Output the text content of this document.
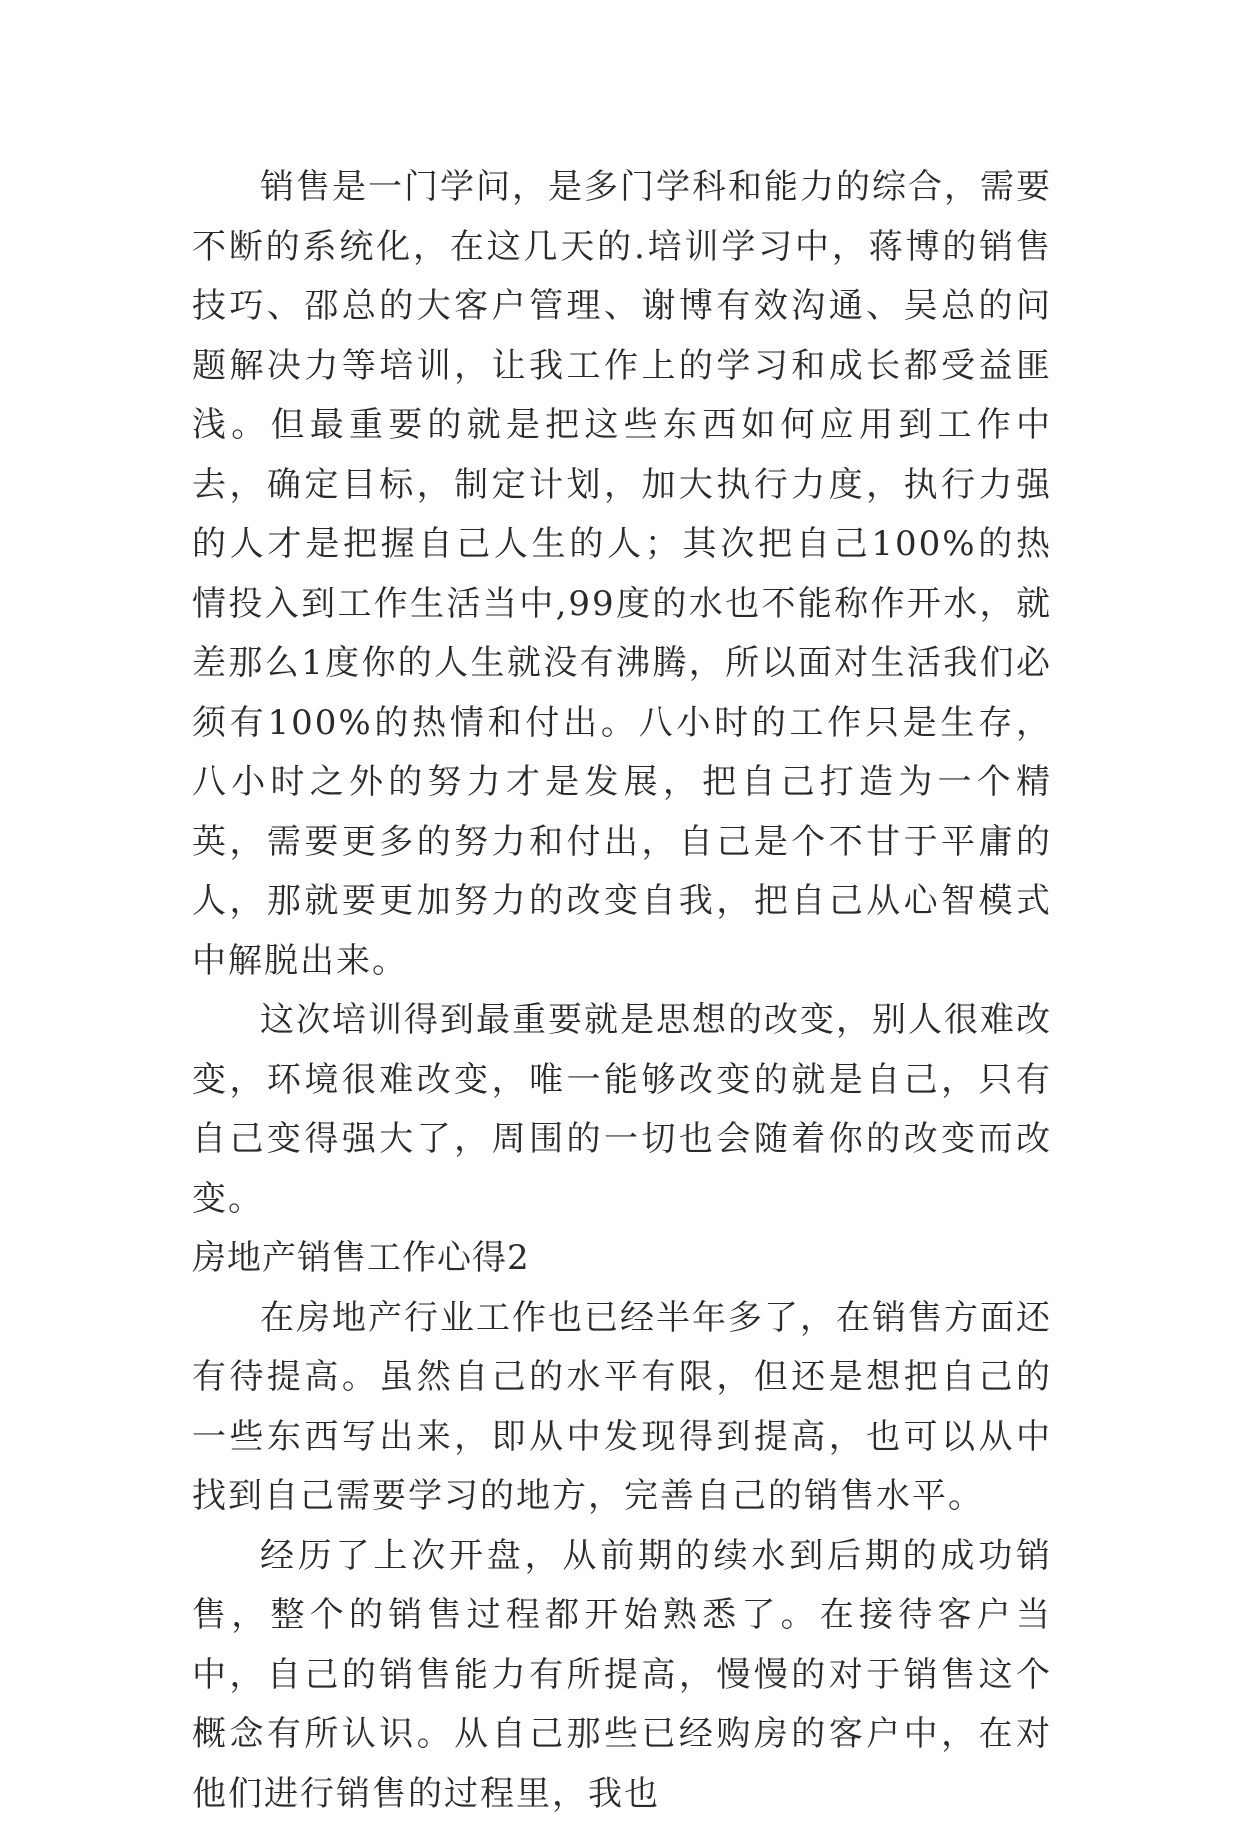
销售是一门学问，是多门学科和能力的综合，需要不断的系统化，在这几天的.培训学习中，蒋博的销售技巧、邵总的大客户管理、谢博有效沟通、吴总的问题解决力等培训，让我工作上的学习和成长都受益匪浅。但最重要的就是把这些东西如何应用到工作中去，确定目标，制定计划，加大执行力度，执行力强的人才是把握自己人生的人；其次把自己100%的热情投入到工作生活当中,99度的水也不能称作开水，就差那么1度你的人生就没有沸腾，所以面对生活我们必须有100%的热情和付出。八小时的工作只是生存，八小时之外的努力才是发展，把自己打造为一个精英，需要更多的努力和付出，自己是个不甘于平庸的人，那就要更加努力的改变自我，把自己从心智模式中解脱出来。

这次培训得到最重要就是思想的改变，别人很难改变，环境很难改变，唯一能够改变的就是自己，只有自己变得强大了，周围的一切也会随着你的改变而改变。

房地产销售工作心得2

在房地产行业工作也已经半年多了，在销售方面还有待提高。虽然自己的水平有限，但还是想把自己的一些东西写出来，即从中发现得到提高，也可以从中找到自己需要学习的地方，完善自己的销售水平。

经历了上次开盘，从前期的续水到后期的成功销售，整个的销售过程都开始熟悉了。在接待客户当中，自己的销售能力有所提高，慢慢的对于销售这个概念有所认识。从自己那些已经购房的客户中，在对他们进行销售的过程里，我也
